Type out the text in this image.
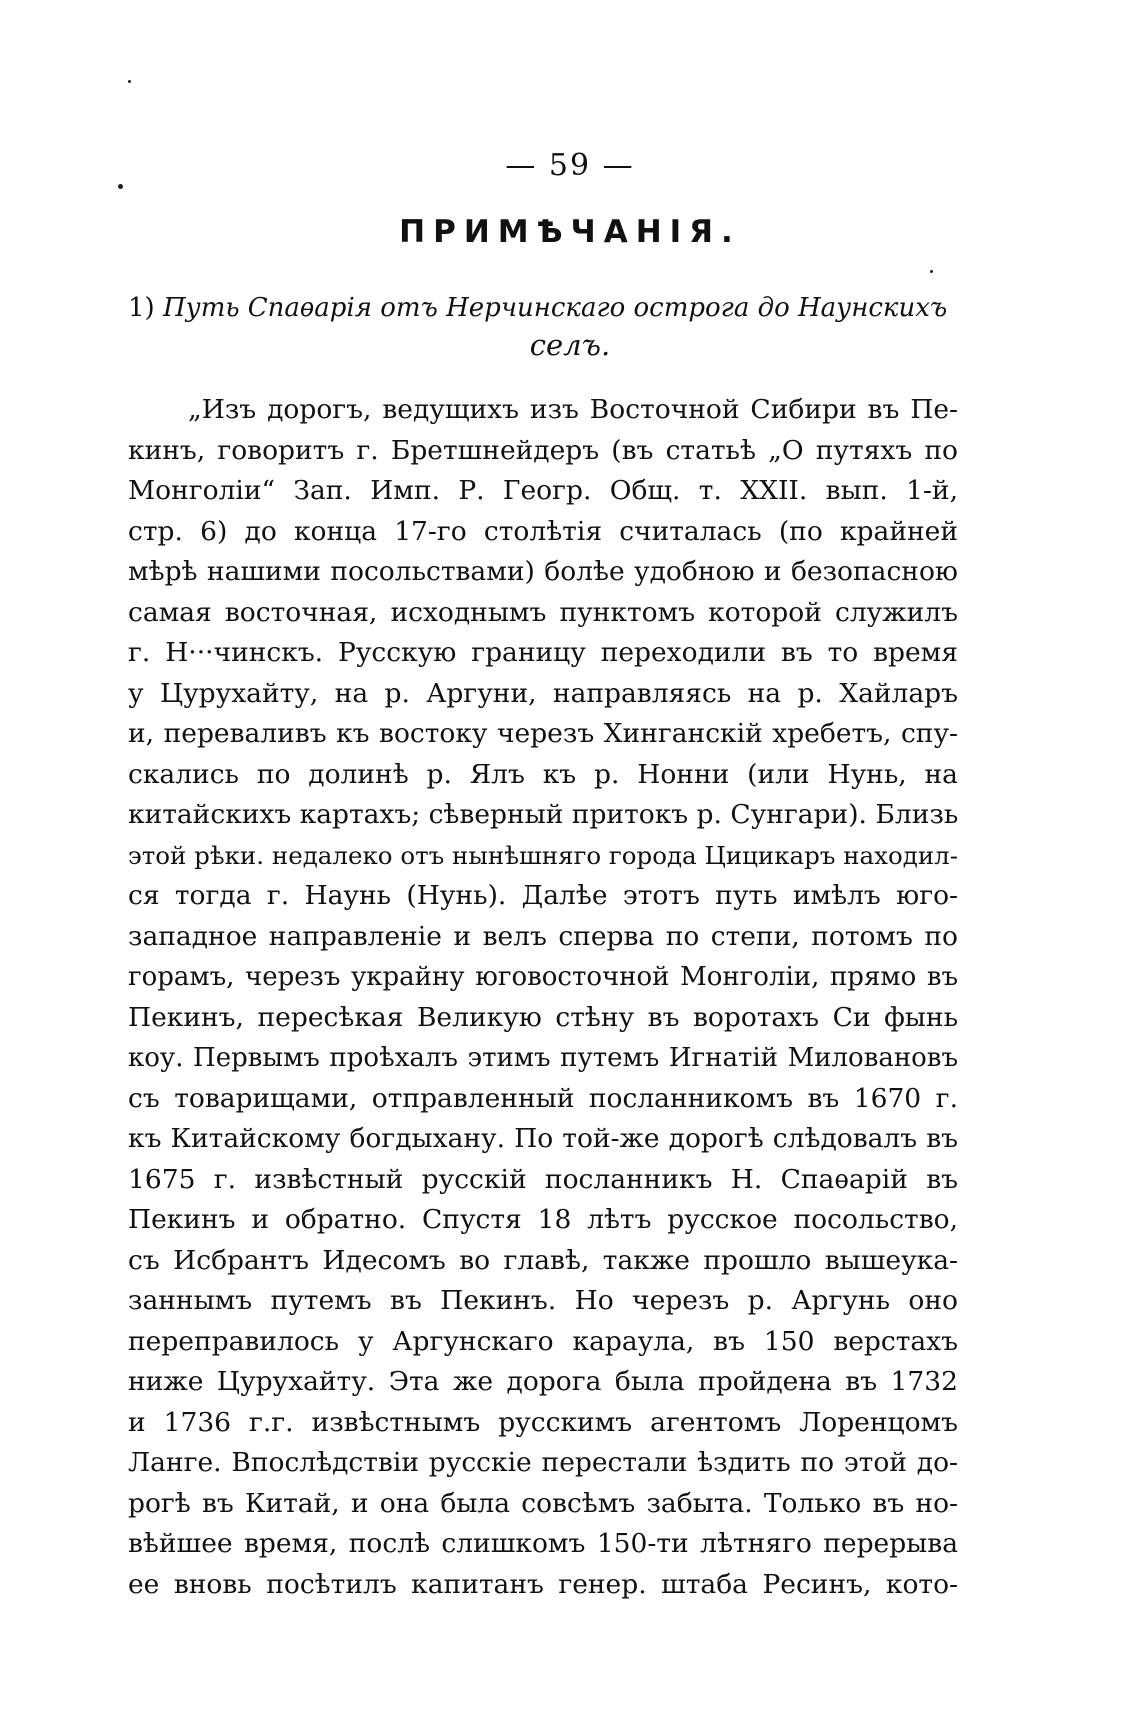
— 59 —
ПРИМѢЧАНІЯ.
1) Путь Спаѳарія отъ Нерчинскаго острога до Наунскихъ
селъ.
„Изъ дорогъ, ведущихъ изъ Восточной Сибири въ Пе-
кинъ, говоритъ г. Бретшнейдеръ (въ статьѣ „О путяхъ по
Монголіи“ Зап. Имп. Р. Геогр. Общ. т. XXII. вып. 1-й,
стр. 6) до конца 17-го столѣтія считалась (по крайней
мѣрѣ нашими посольствами) болѣе удобною и безопасною
самая восточная, исходнымъ пунктомъ которой служилъ
г. Н···чинскъ. Русскую границу переходили въ то время
у Цурухайту, на р. Аргуни, направляясь на р. Хайларъ
и, переваливъ къ востоку черезъ Хинганскій хребетъ, спу-
скались по долинѣ р. Ялъ къ р. Нонни (или Нунь, на
китайскихъ картахъ; сѣверный притокъ р. Сунгари). Близь
этой рѣки. недалеко отъ нынѣшняго города Цицикаръ находил-
ся тогда г. Наунь (Нунь). Далѣе этотъ путь имѣлъ юго-
западное направленіе и велъ сперва по степи, потомъ по
горамъ, черезъ украйну юговосточной Монголіи, прямо въ
Пекинъ, пересѣкая Великую стѣну въ воротахъ Си фынь
коу. Первымъ проѣхалъ этимъ путемъ Игнатій Миловановъ
съ товарищами, отправленный посланникомъ въ 1670 г.
къ Китайскому богдыхану. По той-же дорогѣ слѣдовалъ въ
1675 г. извѣстный русскій посланникъ Н. Спаѳарій въ
Пекинъ и обратно. Спустя 18 лѣтъ русское посольство,
съ Исбрантъ Идесомъ во главѣ, также прошло вышеука-
заннымъ путемъ въ Пекинъ. Но черезъ р. Аргунь оно
переправилось у Аргунскаго караула, въ 150 верстахъ
ниже Цурухайту. Эта же дорога была пройдена въ 1732
и 1736 г.г. извѣстнымъ русскимъ агентомъ Лоренцомъ
Ланге. Впослѣдствіи русскіе перестали ѣздить по этой до-
рогѣ въ Китай, и она была совсѣмъ забыта. Только въ но-
вѣйшее время, послѣ слишкомъ 150-ти лѣтняго перерыва
ее вновь посѣтилъ капитанъ генер. штаба Ресинъ, кото-
